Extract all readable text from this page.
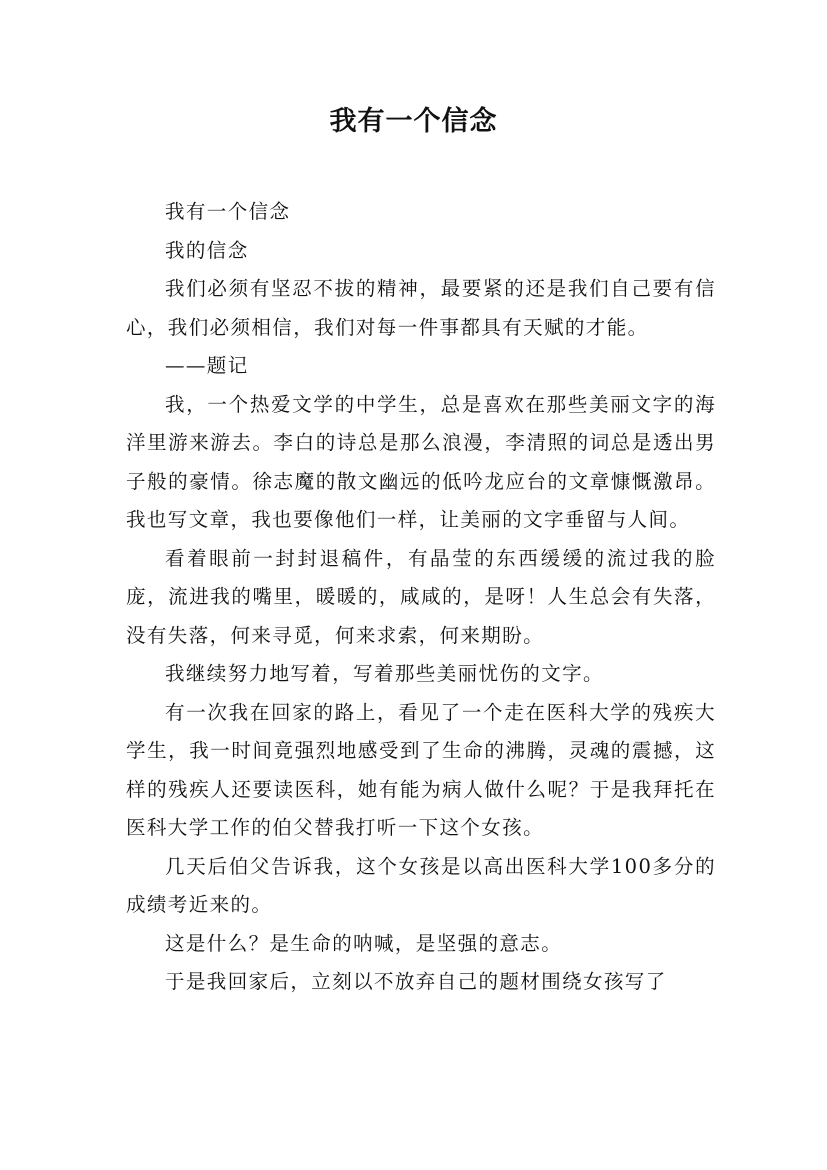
我有一个信念

我有一个信念

我的信念

我们必须有坚忍不拔的精神，最要紧的还是我们自己要有信心，我们必须相信，我们对每一件事都具有天赋的才能。

——题记

我，一个热爱文学的中学生，总是喜欢在那些美丽文字的海洋里游来游去。李白的诗总是那么浪漫，李清照的词总是透出男子般的豪情。徐志魔的散文幽远的低吟龙应台的文章慷慨激昂。我也写文章，我也要像他们一样，让美丽的文字垂留与人间。

看着眼前一封封退稿件，有晶莹的东西缓缓的流过我的脸庞，流进我的嘴里，暖暖的，咸咸的，是呀！人生总会有失落，没有失落，何来寻觅，何来求索，何来期盼。

我继续努力地写着，写着那些美丽忧伤的文字。

有一次我在回家的路上，看见了一个走在医科大学的残疾大学生，我一时间竟强烈地感受到了生命的沸腾，灵魂的震撼，这样的残疾人还要读医科，她有能为病人做什么呢？于是我拜托在医科大学工作的伯父替我打听一下这个女孩。

几天后伯父告诉我，这个女孩是以高出医科大学100多分的成绩考近来的。

这是什么？是生命的呐喊，是坚强的意志。

于是我回家后，立刻以不放弃自己的题材围绕女孩写了
